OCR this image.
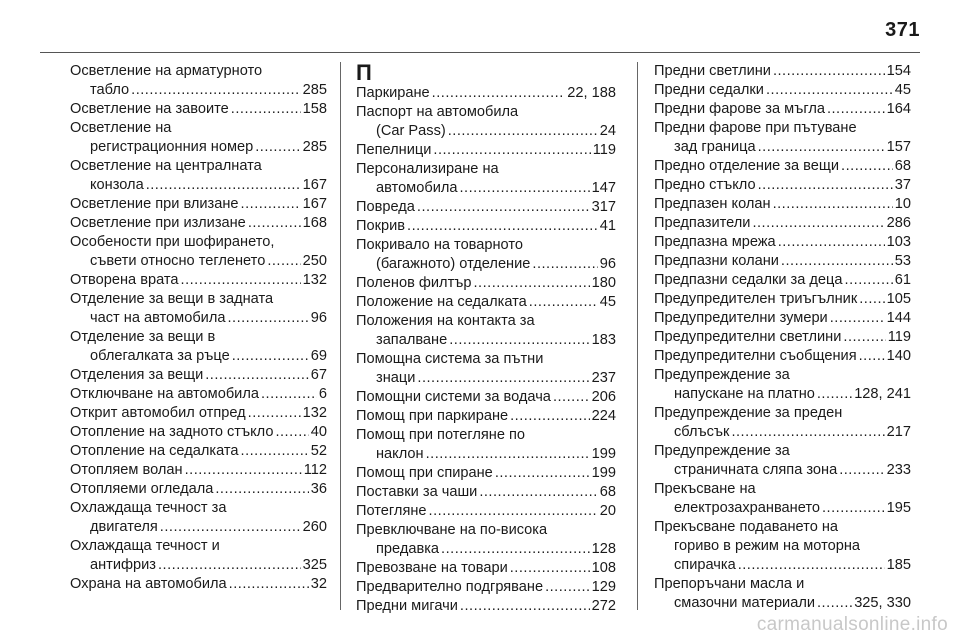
371
Осветление на арматурното
табло .....	285
Осветление на завоите .....	158
Осветление на
регистрационния номер .....	285
Осветление на централната
конзола .....	167
Осветление при влизане .....	167
Осветление при излизане .....	168
Особености при шофирането,
съвети относно тегленето .....	250
Отворена врата .....	132
Отделение за вещи в задната
част на автомобила .....	96
Отделение за вещи в
облегалката за ръце .....	69
Отделения за вещи .....	67
Отключване на автомобила .....	6
Открит автомобил отпред .....	132
Отопление на задното стъкло .....	40
Отопление на седалката .....	52
Отопляем волан .....	112
Отопляеми огледала .....	36
Охлаждаща течност за
двигателя .....	260
Охлаждаща течност и
антифриз .....	325
Охрана на автомобила .....	32
П
Паркиране .....	22, 188
Паспорт на автомобила
(Car Pass) .....	24
Пепелници .....	119
Персонализиране на
автомобила .....	147
Повреда .....	317
Покрив .....	41
Покривало на товарното
(багажното) отделение .....	96
Поленов филтър .....	180
Положение на седалката .....	45
Положения на контакта за
запалване .....	183
Помощна система за пътни
знаци .....	237
Помощни системи за водача .....	206
Помощ при паркиране .....	224
Помощ при потегляне по
наклон .....	199
Помощ при спиране .....	199
Поставки за чаши .....	68
Потегляне .....	20
Превключване на по-висока
предавка .....	128
Превозване на товари .....	108
Предварително подгряване .....	129
Предни мигачи .....	272
Предни светлини .....	154
Предни седалки .....	45
Предни фарове за мъгла .....	164
Предни фарове при пътуване
зад граница .....	157
Предно отделение за вещи .....	68
Предно стъкло .....	37
Предпазен колан .....	10
Предпазители .....	286
Предпазна мрежа .....	103
Предпазни колани .....	53
Предпазни седалки за деца .....	61
Предупредителен триъгълник ..... 105
Предупредителни зумери .....	144
Предупредителни светлини .....	119
Предупредителни съобщения ..... 140
Предупреждение за
напускане на платно .....	128, 241
Предупреждение за преден
сблъсък .....	217
Предупреждение за
страничната сляпа зона .....	233
Прекъсване на
електрозахранването .....	195
Прекъсване подаването на
гориво в режим на моторна
спирачка .....	185
Препоръчани масла и
смазочни материали .....	325, 330
carmanualsonline.info
